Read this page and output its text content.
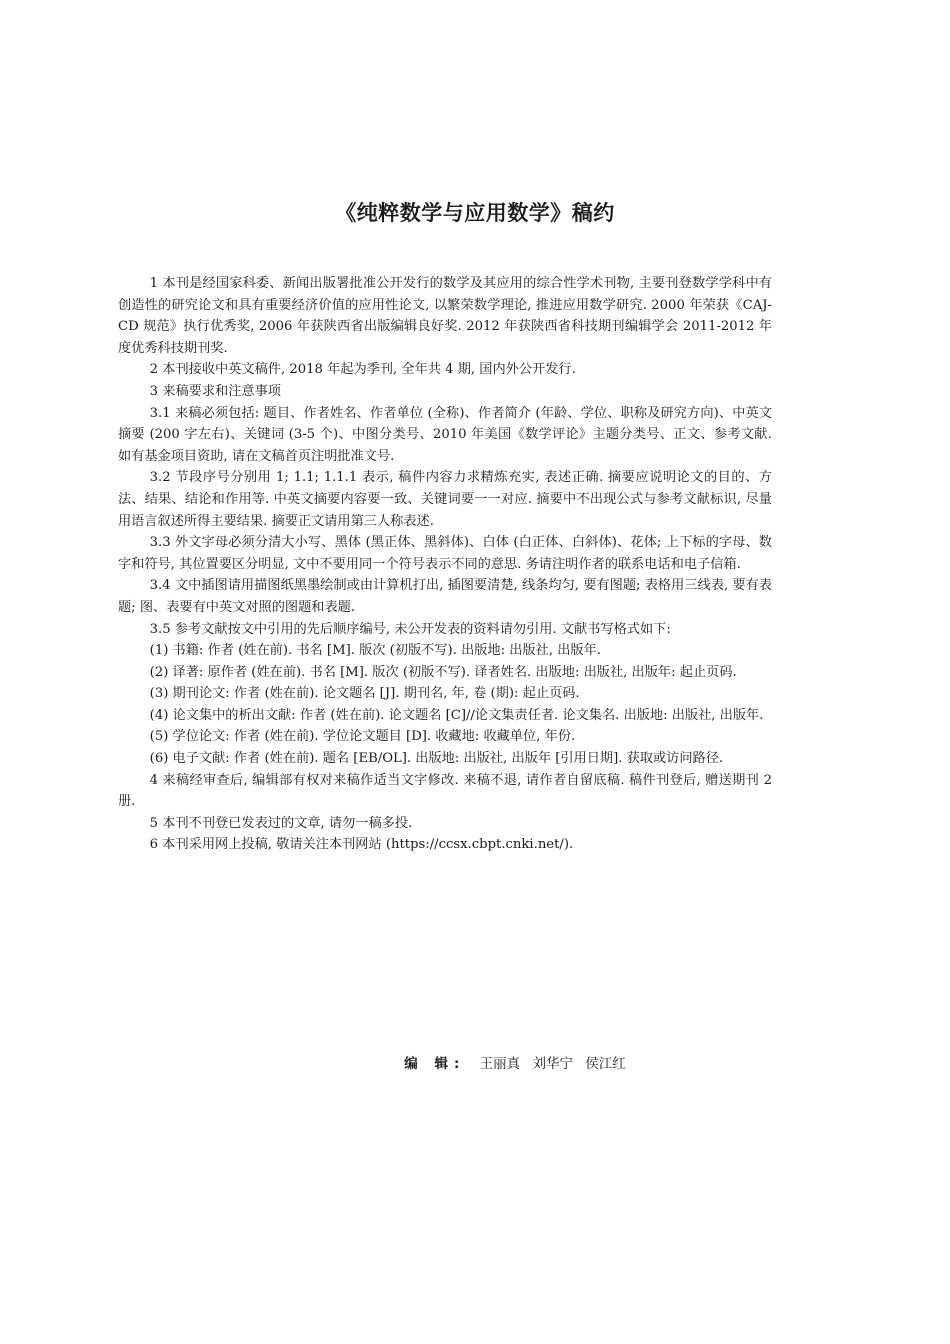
《纯粹数学与应用数学》稿约

1 本刊是经国家科委、新闻出版署批准公开发行的数学及其应用的综合性学术刊物, 主要刊登数学学科中有创造性的研究论文和具有重要经济价值的应用性论文, 以繁荣数学理论, 推进应用数学研究. 2000 年荣获《CAJ-CD 规范》执行优秀奖, 2006 年获陕西省出版编辑良好奖. 2012 年获陕西省科技期刊编辑学会 2011-2012 年度优秀科技期刊奖.

2 本刊接收中英文稿件, 2018 年起为季刊, 全年共 4 期, 国内外公开发行.

3 来稿要求和注意事项

3.1 来稿必须包括: 题目、作者姓名、作者单位 (全称)、作者简介 (年龄、学位、职称及研究方向)、中英文摘要 (200 字左右)、关键词 (3-5 个)、中图分类号、2010 年美国《数学评论》主题分类号、正文、参考文献. 如有基金项目资助, 请在文稿首页注明批准文号.

3.2 节段序号分别用 1; 1.1; 1.1.1 表示, 稿件内容力求精炼充实, 表述正确. 摘要应说明论文的目的、方法、结果、结论和作用等. 中英文摘要内容要一致、关键词要一一对应. 摘要中不出现公式与参考文献标识, 尽量用语言叙述所得主要结果. 摘要正文请用第三人称表述.

3.3 外文字母必须分清大小写、黑体 (黑正体、黑斜体)、白体 (白正体、白斜体)、花体; 上下标的字母、数字和符号, 其位置要区分明显, 文中不要用同一个符号表示不同的意思. 务请注明作者的联系电话和电子信箱.

3.4 文中插图请用描图纸黑墨绘制或由计算机打出, 插图要清楚, 线条均匀, 要有图题; 表格用三线表, 要有表题; 图、表要有中英文对照的图题和表题.

3.5 参考文献按文中引用的先后顺序编号, 未公开发表的资料请勿引用. 文献书写格式如下:

(1) 书籍: 作者 (姓在前). 书名 [M]. 版次 (初版不写). 出版地: 出版社, 出版年.

(2) 译著: 原作者 (姓在前). 书名 [M]. 版次 (初版不写). 译者姓名. 出版地: 出版社, 出版年: 起止页码.

(3) 期刊论文: 作者 (姓在前). 论文题名 [J]. 期刊名, 年, 卷 (期): 起止页码.

(4) 论文集中的析出文献: 作者 (姓在前). 论文题名 [C]//论文集责任者. 论文集名. 出版地: 出版社, 出版年.

(5) 学位论文: 作者 (姓在前). 学位论文题目 [D]. 收藏地: 收藏单位, 年份.

(6) 电子文献: 作者 (姓在前). 题名 [EB/OL]. 出版地: 出版社, 出版年 [引用日期]. 获取或访问路径.

4 来稿经审查后, 编辑部有权对来稿作适当文字修改. 来稿不退, 请作者自留底稿. 稿件刊登后, 赠送期刊 2 册.

5 本刊不刊登已发表过的文章, 请勿一稿多投.

6 本刊采用网上投稿, 敬请关注本刊网站 (https://ccsx.cbpt.cnki.net/).

编 辑: 王丽真 刘华宁 侯江红
